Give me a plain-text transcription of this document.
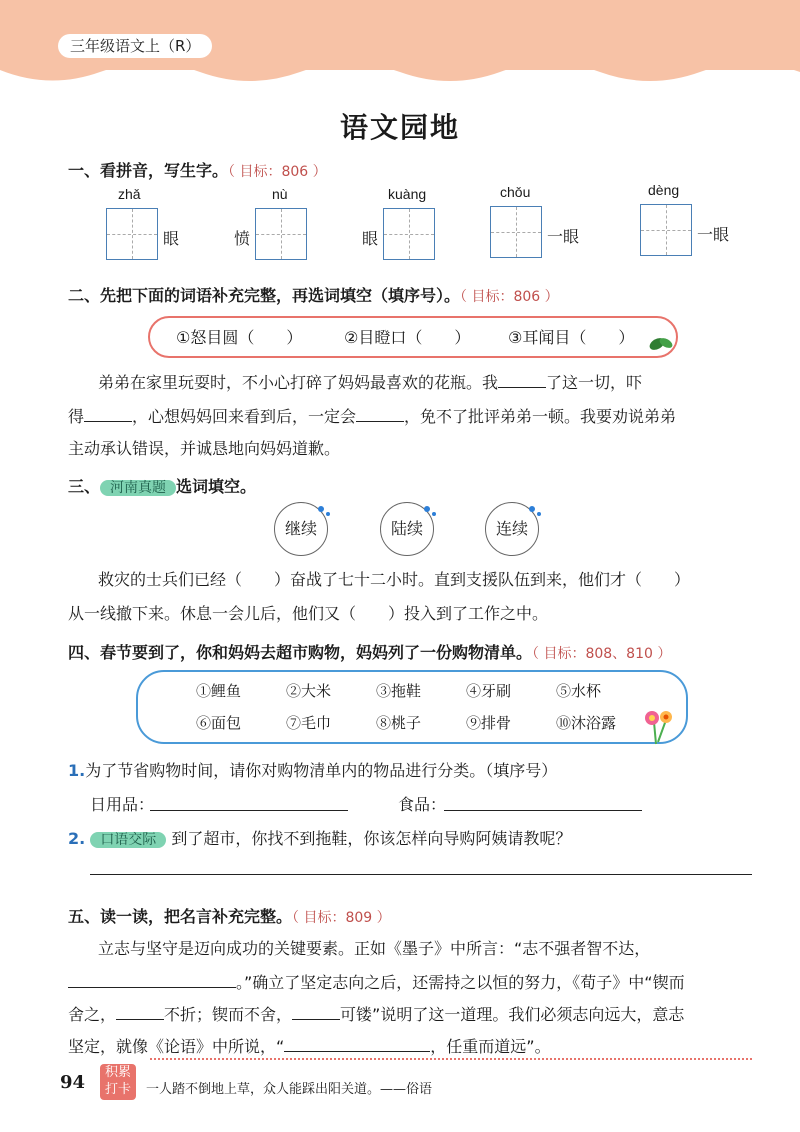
三年级语文上（R）
语文园地
一、看拼音，写生字。（ 目标：806 ）
zhǎ
眼
nù
愤
kuàng
眼
chǒu
一眼
dèng
一眼
二、先把下面的词语补充完整，再选词填空（填序号）。（ 目标：806 ）
①怒目圆（　　）	②目瞪口（　　） ③耳闻目（　　）
弟弟在家里玩耍时，不小心打碎了妈妈最喜欢的花瓶。我	了这一切，吓
得	，心想妈妈回来看到后，一定会	，免不了批评弟弟一顿。我要劝说弟弟
主动承认错误，并诚恳地向妈妈道歉。
三、 河南真题 选词填空。
继续	陆续	连续
救灾的士兵们已经（　　）奋战了七十二小时。直到支援队伍到来，他们才（　　）
从一线撤下来。休息一会儿后，他们又（　　）投入到了工作之中。
四、春节要到了，你和妈妈去超市购物，妈妈列了一份购物清单。（ 目标：808、810 ）
①鲤鱼	②大米	③拖鞋	④牙刷	⑤水杯
⑥面包	⑦毛巾	⑧桃子	⑨排骨	⑩沐浴露
1.为了节省购物时间，请你对购物清单内的物品进行分类。（填序号）
日用品：	食品：
2. 口语交际 到了超市，你找不到拖鞋，你该怎样向导购阿姨请教呢？
五、读一读，把名言补充完整。（ 目标：809 ）
立志与坚守是迈向成功的关键要素。正如《墨子》中所言：“志不强者智不达，
。”确立了坚定志向之后，还需持之以恒的努力，《荀子》中“锲而
舍之，	不折；锲而不舍，	可镂”说明了这一道理。我们必须志向远大，意志
坚定，就像《论语》中所说，“	，任重而道远”。
94	积累
打卡	一人踏不倒地上草，众人能踩出阳关道。——俗语
